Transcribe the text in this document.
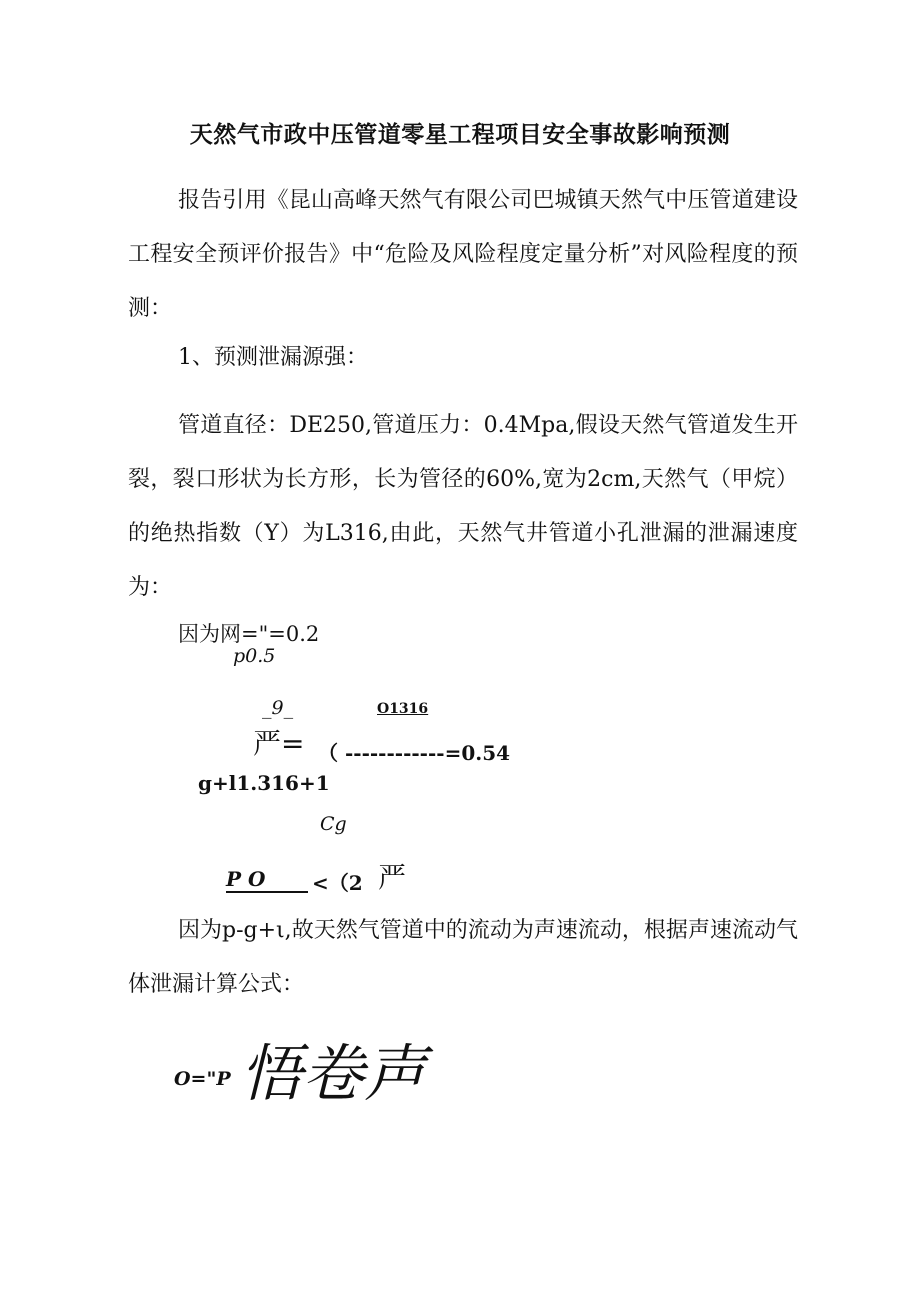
天然气市政中压管道零星工程项目安全事故影响预测
报告引用《昆山高峰天然气有限公司巴城镇天然气中压管道建设工程安全预评价报告》中“危险及风险程度定量分析”对风险程度的预测：
1、预测泄漏源强：
管道直径：DE250,管道压力：0.4Mpa,假设天然气管道发生开裂，裂口形状为长方形，长为管径的60%,宽为2cm,天然气（甲烷）的绝热指数（Y）为L316,由此，天然气井管道小孔泄漏的泄漏速度为：
因为网="=0.2
p0.5
_9_	O1316
严= （ ------------=0.54
g+l1.316+1
Cg
P O	<（2 严
因为p-g+ι,故天然气管道中的流动为声速流动，根据声速流动气体泄漏计算公式：
O="P 悟卷声
